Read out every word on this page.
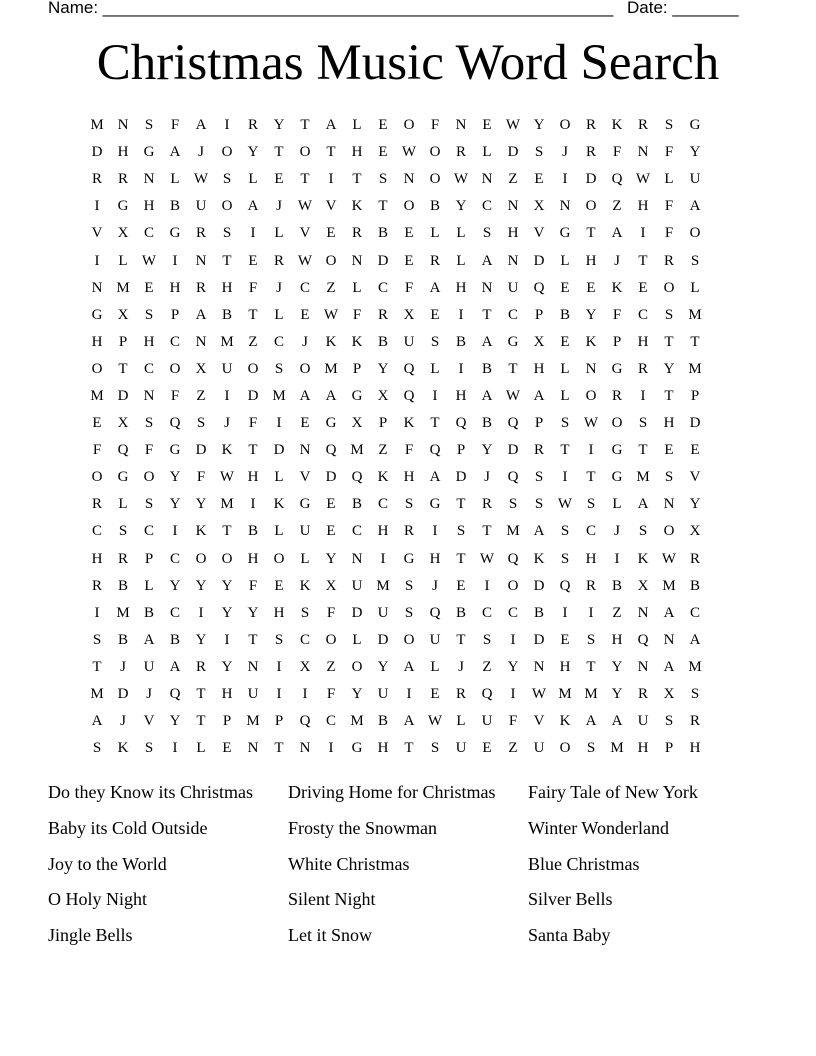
Name: ______________________________________________________ Date: _______
Christmas Music Word Search
M N	S	F	A	I	R	Y	T	A	L	E	O	F	N	E W Y	O	R	K	R	S	G
D	H	G	A	J	O	Y	T	O	T	H	E W O	R	L	D	S	J	R	F	N	F	Y
R	R	N	L W S	L	E	T	I	T	S	N	O W N	Z	E	I	D	Q W L	U
I	G	H	B	U	O	A	J	W V	K	T	O	B	Y	C	N	X	N	O	Z	H	F	A
V	X	C	G	R	S	I	L	V	E	R	B	E	L	L	S	H	V	G	T	A	I	F	O
I	L W	I	N	T	E	R W O	N	D	E	R	L	A	N	D	L	H	J	T	R	S
N M E	H	R	H	F	J	C	Z	L	C	F	A	H	N	U	Q	E	E	K	E	O	L
G	X	S	P	A	B	T	L	E W F	R	X	E	I	T	C	P	B	Y	F	C	S	M
H	P	H	C	N M Z	C	J	K	K	B	U	S	B	A	G	X	E	K	P	H	T	T
O	T	C	O	X	U	O	S	O M	P	Y	Q	L	I	B	T	H	L	N	G	R	Y M
M D	N	F	Z	I	D M A	A	G	X	Q	I	H	A W A	L	O	R	I	T	P
E	X	S	Q	S	J	F	I	E	G	X	P	K	T	Q	B	Q	P	S W O	S	H	D
F	Q	F	G	D	K	T	D	N	Q M Z	F	Q	P	Y	D	R	T	I	G	T	E	E
O	G	O	Y	F W H	L	V	D	Q	K	H	A	D	J	Q	S	I	T	G M	S	V
R	L	S	Y	Y M	I	K	G	E	B	C	S	G	T	R	S	S W S	L	A	N	Y
C	S	C	I	K	T	B	L	U	E	C	H	R	I	S	T M A	S	C	J	S	O	X
H	R	P	C	O	O	H	O	L	Y	N	I	G	H	T W Q	K	S	H	I	K W R
R	B	L	Y	Y	Y	F	E	K	X	U M	S	J	E	I	O	D	Q	R	B	X M B
I	M B	C	I	Y	Y	H	S	F	D	U	S	Q	B	C	C	B	I	I	Z	N	A	C
S	B	A	B	Y	I	T	S	C	O	L	D	O	U	T	S	I	D	E	S	H	Q	N	A
T	J	U	A	R	Y	N	I	X	Z	O	Y	A	L	J	Z	Y	N	H	T	Y	N	A M
M D	J	Q	T	H	U	I	I	F	Y	U	I	E	R	Q	I	W M M Y	R	X	S
A	J	V	Y	T	P	M	P	Q	C M B	A W L	U	F	V	K	A	A	U	S	R
S	K	S	I	L	E	N	T	N	I	G	H	T	S	U	E	Z	U	O	S	M H	P	H
Do they Know its Christmas	Driving Home for Christmas	Fairy Tale of New York
Baby its Cold Outside	Frosty the Snowman	Winter Wonderland
Joy to the World	White Christmas	Blue Christmas
O Holy Night	Silent Night	Silver Bells
Jingle Bells	Let it Snow	Santa Baby
